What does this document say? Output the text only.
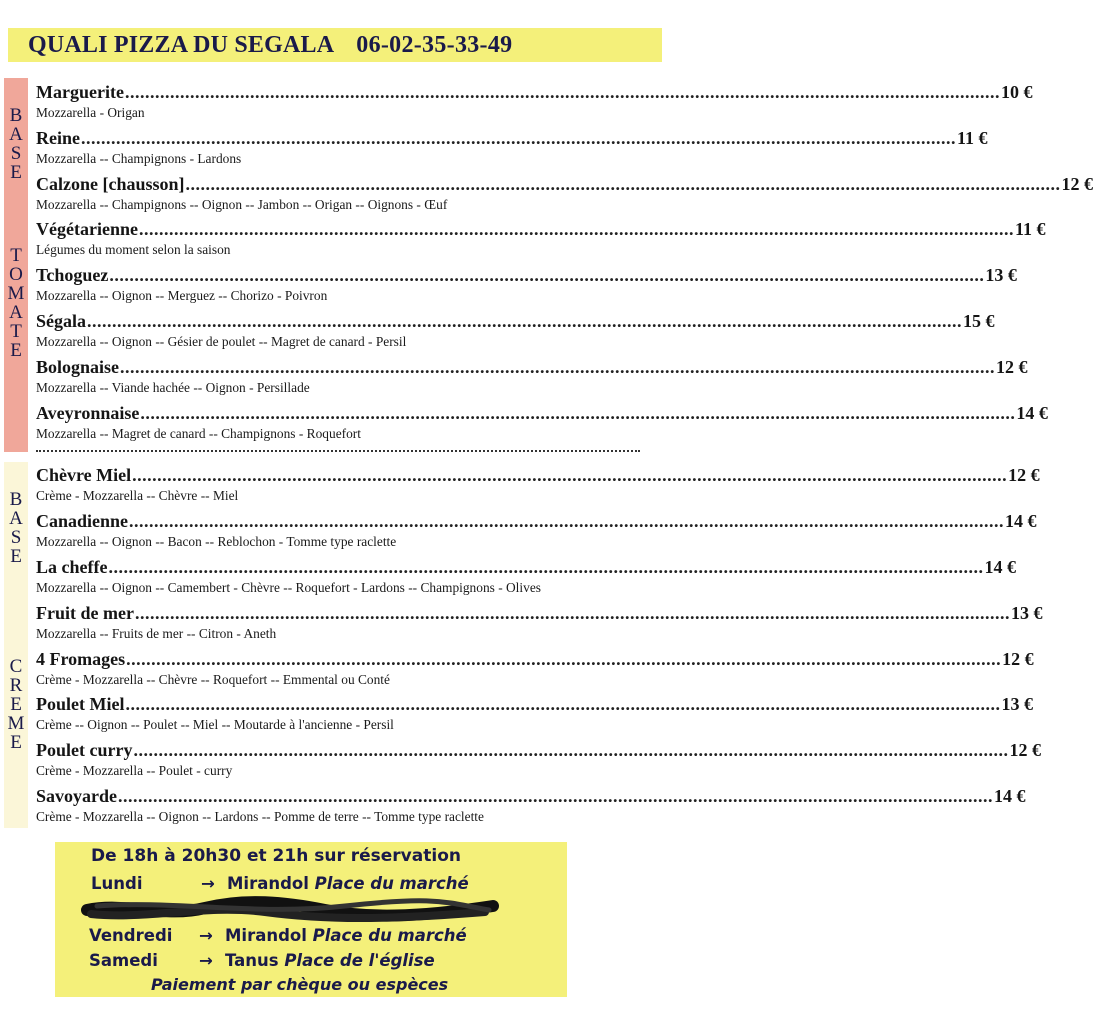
QUALI PIZZA DU SEGALA 06-02-35-33-49
B
A
S
E
T
O
M
A
T
E
B
A
S
E
C
R
E
M
E
Marguerite ............................................................................................................................................................................... 10 €
Mozzarella - Origan
Reine ............................................................................................................................................................................... 11 €
Mozzarella -- Champignons - Lardons
Calzone [chausson] ............................................................................................................................................................................... 12 €
Mozzarella -- Champignons -- Oignon -- Jambon -- Origan -- Oignons - Œuf
Végétarienne ............................................................................................................................................................................... 11 €
Légumes du moment selon la saison
Tchoguez ............................................................................................................................................................................... 13 €
Mozzarella -- Oignon -- Merguez -- Chorizo - Poivron
Ségala ............................................................................................................................................................................... 15 €
Mozzarella -- Oignon -- Gésier de poulet -- Magret de canard - Persil
Bolognaise ............................................................................................................................................................................... 12 €
Mozzarella -- Viande hachée -- Oignon - Persillade
Aveyronnaise ............................................................................................................................................................................... 14 €
Mozzarella -- Magret de canard -- Champignons - Roquefort
Chèvre Miel ............................................................................................................................................................................... 12 €
Crème - Mozzarella -- Chèvre -- Miel
Canadienne ............................................................................................................................................................................... 14 €
Mozzarella -- Oignon -- Bacon -- Reblochon - Tomme type raclette
La cheffe ............................................................................................................................................................................... 14 €
Mozzarella -- Oignon -- Camembert - Chèvre -- Roquefort - Lardons -- Champignons - Olives
Fruit de mer ............................................................................................................................................................................... 13 €
Mozzarella -- Fruits de mer -- Citron - Aneth
4 Fromages ............................................................................................................................................................................... 12 €
Crème - Mozzarella -- Chèvre -- Roquefort -- Emmental ou Conté
Poulet Miel ............................................................................................................................................................................... 13 €
Crème -- Oignon -- Poulet -- Miel -- Moutarde à l'ancienne - Persil
Poulet curry ............................................................................................................................................................................... 12 €
Crème - Mozzarella -- Poulet - curry
Savoyarde ............................................................................................................................................................................... 14 €
Crème - Mozzarella -- Oignon -- Lardons -- Pomme de terre -- Tomme type raclette
De 18h à 20h30 et 21h sur réservation
Lundi	→ Mirandol
Place du marché
Vendredi	→ Mirandol
Place du marché
Samedi	→ Tanus
Place de l'église
Paiement par chèque ou espèces
